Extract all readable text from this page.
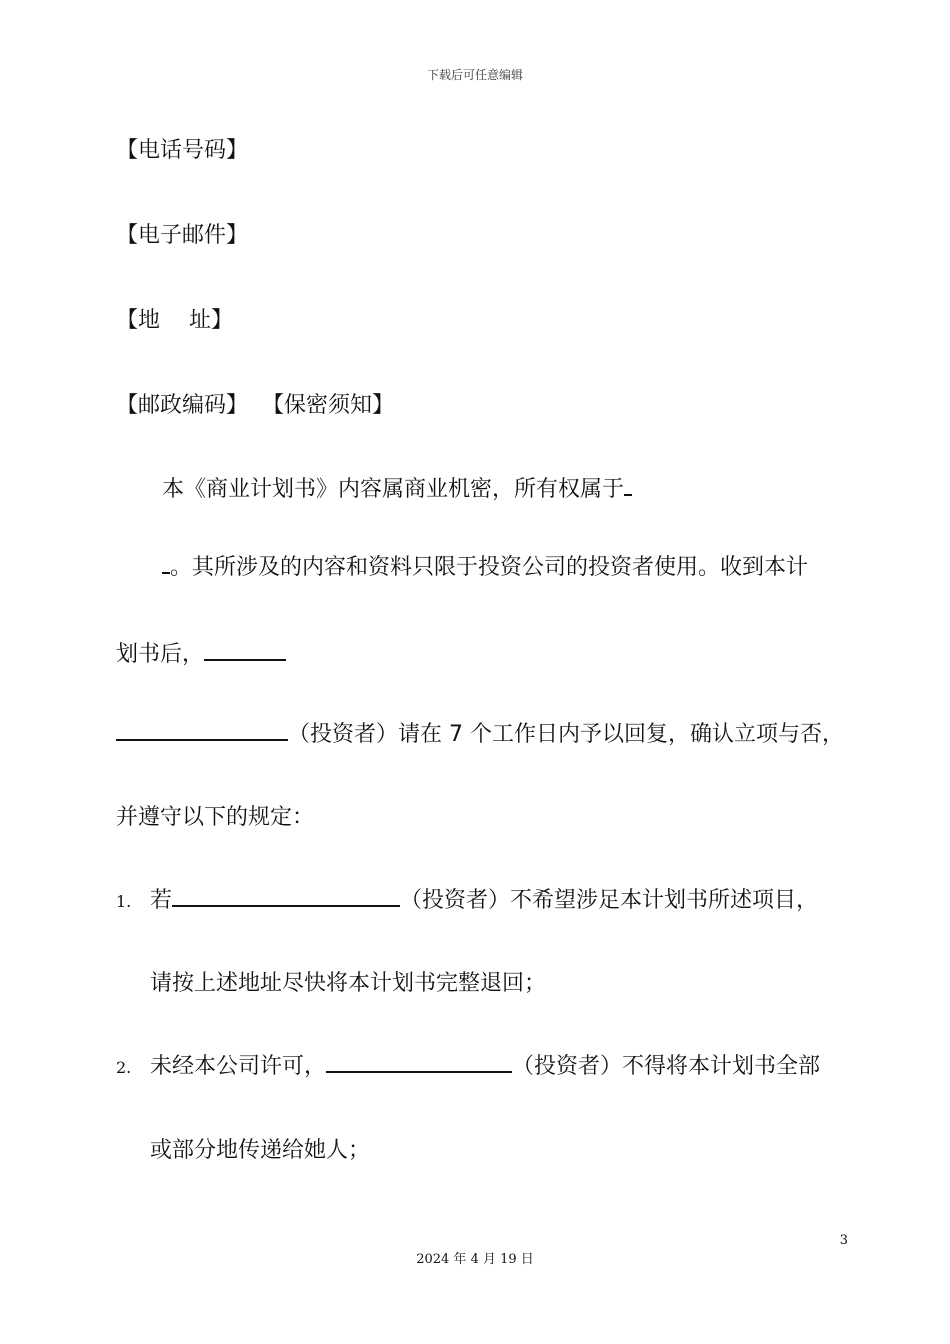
下载后可任意编辑
【电话号码】
【电子邮件】
【地　 址】
【邮政编码】 【保密须知】
本《商业计划书》内容属商业机密，所有权属于
。其所涉及的内容和资料只限于投资公司的投资者使用。收到本计
划书后，
（投资者）请在 7 个工作日内予以回复，确认立项与否，
并遵守以下的规定：
1. 若	（投资者）不希望涉足本计划书所述项目，
请按上述地址尽快将本计划书完整退回；
2. 未经本公司许可，	（投资者）不得将本计划书全部
或部分地传递给她人；
3
2024 年 4 月 19 日
